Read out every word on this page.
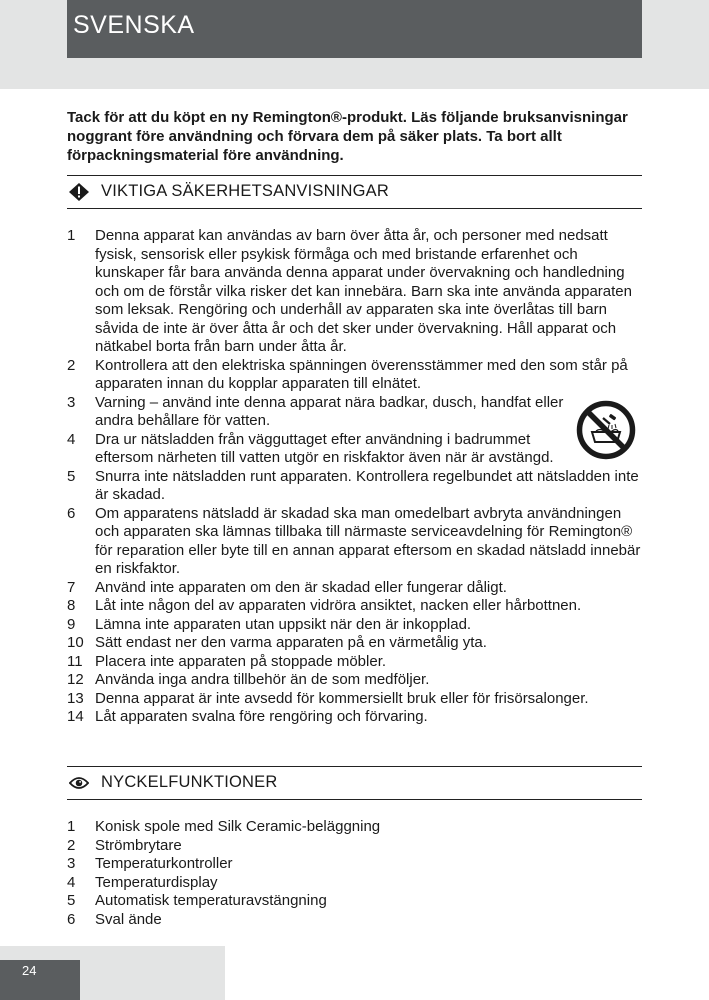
SVENSKA
Tack för att du köpt en ny Remington®-produkt. Läs följande bruksanvisningar noggrant före användning och förvara dem på säker plats. Ta bort allt förpackningsmaterial före användning.
VIKTIGA SÄKERHETSANVISNINGAR
1 Denna apparat kan användas av barn över åtta år, och personer med nedsatt fysisk, sensorisk eller psykisk förmåga och med bristande erfarenhet och kunskaper får bara använda denna apparat under övervakning och handledning och om de förstår vilka risker det kan innebära. Barn ska inte använda apparaten som leksak. Rengöring och underhåll av apparaten ska inte överlåtas till barn såvida de inte är över åtta år och det sker under övervakning. Håll apparat och nätkabel borta från barn under åtta år.
2 Kontrollera att den elektriska spänningen överensstämmer med den som står på apparaten innan du kopplar apparaten till elnätet.
3 Varning – använd inte denna apparat nära badkar, dusch, handfat eller andra behållare för vatten.
4 Dra ur nätsladden från vägguttaget efter användning i badrummet eftersom närheten till vatten utgör en riskfaktor även när är avstängd.
5 Snurra inte nätsladden runt apparaten. Kontrollera regelbundet att nätsladden inte är skadad.
6 Om apparatens nätsladd är skadad ska man omedelbart avbryta användningen och apparaten ska lämnas tillbaka till närmaste serviceavdelning för Remington® för reparation eller byte till en annan apparat eftersom en skadad nätsladd innebär en riskfaktor.
7 Använd inte apparaten om den är skadad eller fungerar dåligt.
8 Låt inte någon del av apparaten vidröra ansiktet, nacken eller hårbottnen.
9 Lämna inte apparaten utan uppsikt när den är inkopplad.
10 Sätt endast ner den varma apparaten på en värmetålig yta.
11 Placera inte apparaten på stoppade möbler.
12 Använda inga andra tillbehör än de som medföljer.
13 Denna apparat är inte avsedd för kommersiellt bruk eller för frisörsalonger.
14 Låt apparaten svalna före rengöring och förvaring.
NYCKELFUNKTIONER
1 Konisk spole med Silk Ceramic-beläggning
2 Strömbrytare
3 Temperaturkontroller
4 Temperaturdisplay
5 Automatisk temperaturavstängning
6 Sval ände
24
